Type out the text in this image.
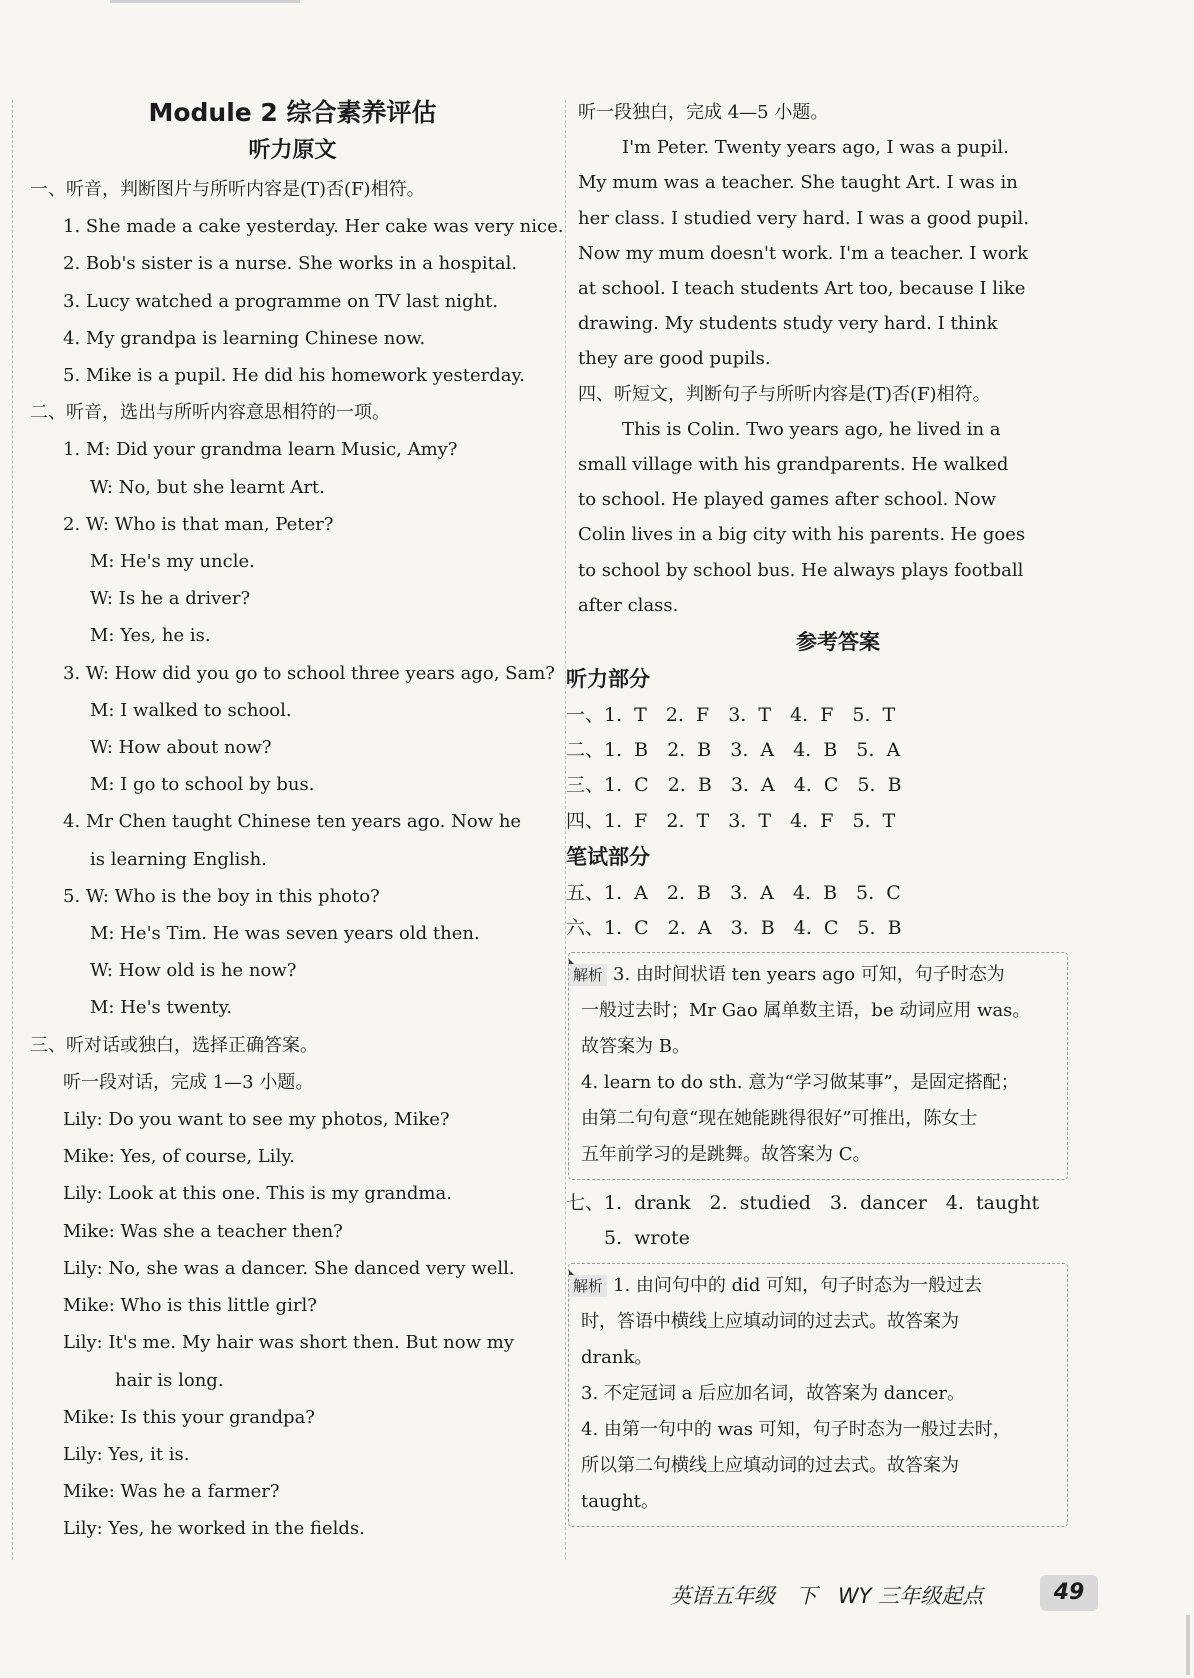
Module 2 综合素养评估
听力原文
一、听音，判断图片与所听内容是(T)否(F)相符。
1. She made a cake yesterday. Her cake was very nice.
2. Bob's sister is a nurse. She works in a hospital.
3. Lucy watched a programme on TV last night.
4. My grandpa is learning Chinese now.
5. Mike is a pupil. He did his homework yesterday.
二、听音，选出与所听内容意思相符的一项。
1. M: Did your grandma learn Music, Amy?
W: No, but she learnt Art.
2. W: Who is that man, Peter?
M: He's my uncle.
W: Is he a driver?
M: Yes, he is.
3. W: How did you go to school three years ago, Sam?
M: I walked to school.
W: How about now?
M: I go to school by bus.
4. Mr Chen taught Chinese ten years ago. Now he
is learning English.
5. W: Who is the boy in this photo?
M: He's Tim. He was seven years old then.
W: How old is he now?
M: He's twenty.
三、听对话或独白，选择正确答案。
听一段对话，完成 1—3 小题。
Lily: Do you want to see my photos, Mike?
Mike: Yes, of course, Lily.
Lily: Look at this one. This is my grandma.
Mike: Was she a teacher then?
Lily: No, she was a dancer. She danced very well.
Mike: Who is this little girl?
Lily: It's me. My hair was short then. But now my
hair is long.
Mike: Is this your grandpa?
Lily: Yes, it is.
Mike: Was he a farmer?
Lily: Yes, he worked in the fields.
听一段独白，完成 4—5 小题。
I'm Peter. Twenty years ago, I was a pupil.
My mum was a teacher. She taught Art. I was in
her class. I studied very hard. I was a good pupil.
Now my mum doesn't work. I'm a teacher. I work
at school. I teach students Art too, because I like
drawing. My students study very hard. I think
they are good pupils.
四、听短文，判断句子与所听内容是(T)否(F)相符。
This is Colin. Two years ago, he lived in a
small village with his grandparents. He walked
to school. He played games after school. Now
Colin lives in a big city with his parents. He goes
to school by school bus. He always plays football
after class.
参考答案
听力部分
一、1. T　2. F　3. T　4. F　5. T
二、1. B　2. B　3. A　4. B　5. A
三、1. C　2. B　3. A　4. C　5. B
四、1. F　2. T　3. T　4. F　5. T
笔试部分
五、1. A　2. B　3. A　4. B　5. C
六、1. C　2. A　3. B　4. C　5. B
解析 3. 由时间状语 ten years ago 可知，句子时态为
一般过去时；Mr Gao 属单数主语，be 动词应用 was。
故答案为 B。
4. learn to do sth. 意为“学习做某事”，是固定搭配；
由第二句句意“现在她能跳得很好”可推出，陈女士
五年前学习的是跳舞。故答案为 C。
七、1. drank　2. studied　3. dancer　4. taught
5. wrote
解析 1. 由问句中的 did 可知，句子时态为一般过去
时，答语中横线上应填动词的过去式。故答案为
drank。
3. 不定冠词 a 后应加名词，故答案为 dancer。
4. 由第一句中的 was 可知，句子时态为一般过去时，
所以第二句横线上应填动词的过去式。故答案为
taught。
英语五年级　下　WY 三年级起点	49
